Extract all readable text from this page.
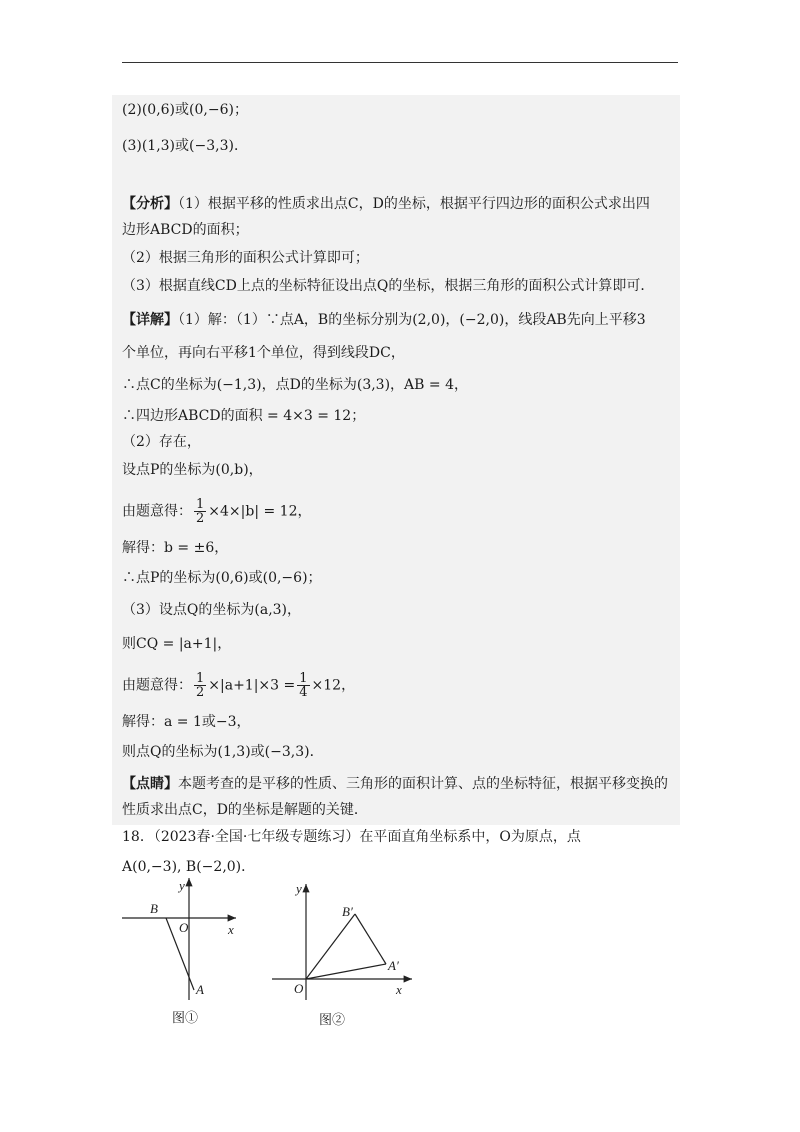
(2)(0,6)或(0,−6)；
(3)(1,3)或(−3,3)．
【分析】（1）根据平移的性质求出点C，D的坐标，根据平行四边形的面积公式求出四
边形ABCD的面积；
（2）根据三角形的面积公式计算即可；
（3）根据直线CD上点的坐标特征设出点Q的坐标，根据三角形的面积公式计算即可．
【详解】（1）解：（1）∵点A，B的坐标分别为(2,0)，(−2,0)，线段AB先向上平移3
个单位，再向右平移1个单位，得到线段DC，
∴点C的坐标为(−1,3)，点D的坐标为(3,3)，AB = 4，
∴四边形ABCD的面积 = 4×3 = 12；
（2）存在，
设点P的坐标为(0,b)，
由题意得： $\frac{1}{2} \times 4\times|b| = 12$，
解得：b = ±6，
∴点P的坐标为(0,6)或(0,−6)；
（3）设点Q的坐标为(a,3)，
则CQ = |a+1|，
由题意得： $\frac{1}{2} \times|a+1|\times 3 = \frac{1}{4} \times 12$，
解得：a = 1或−3，
则点Q的坐标为(1,3)或(−3,3)．
【点睛】本题考查的是平移的性质、三角形的面积计算、点的坐标特征，根据平移变换的
性质求出点C，D的坐标是解题的关键．
18．（2023春·全国·七年级专题练习）在平面直角坐标系中，O为原点，点
A(0,−3), B(−2,0)．
y
x
O
B
A
图①
y
x
O
B′
A′
图②
